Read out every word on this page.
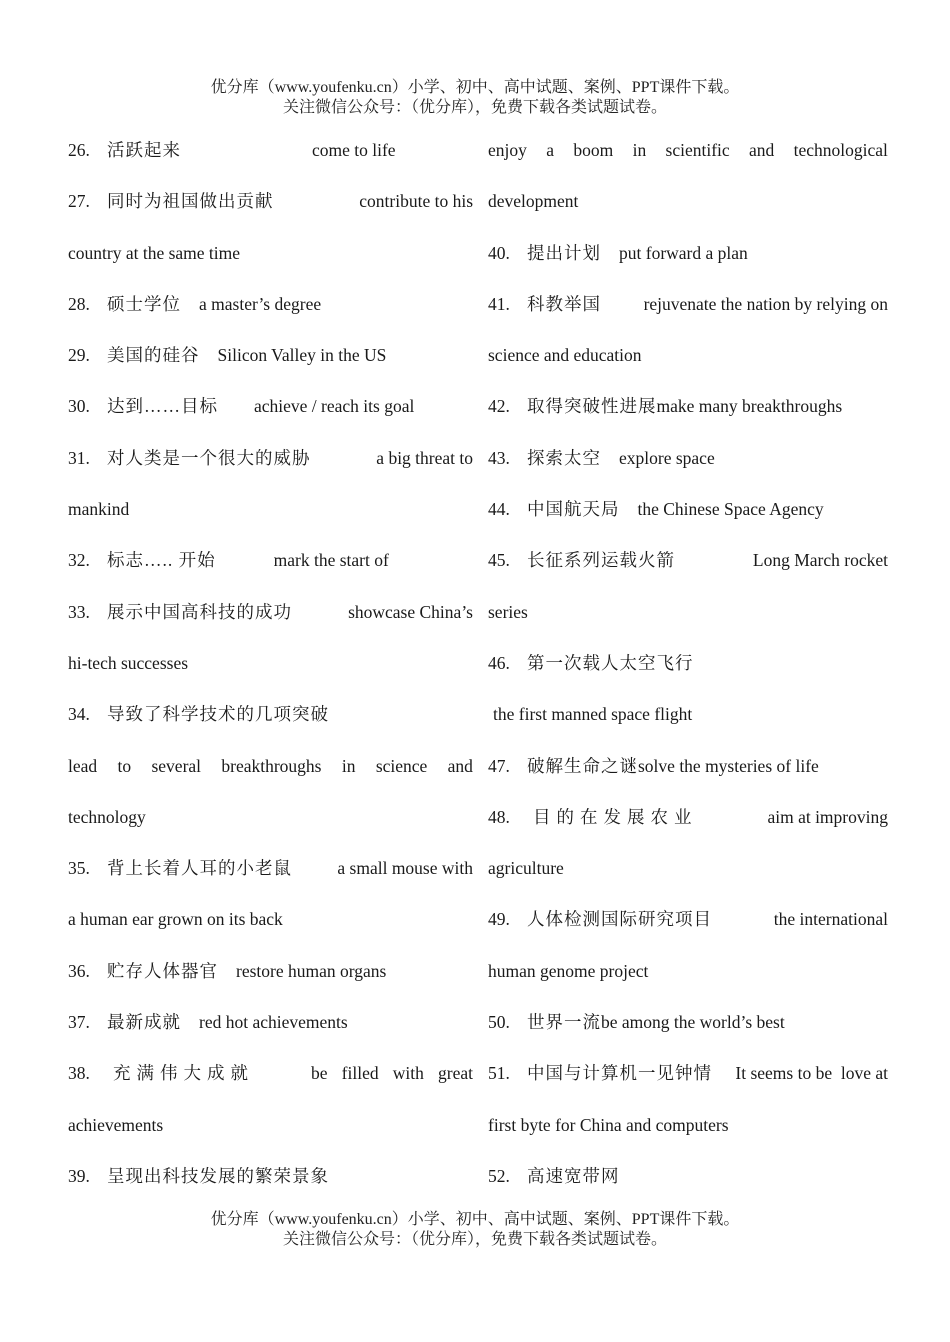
优分库（www.youfenku.cn）小学、初中、高中试题、案例、PPT课件下载。
关注微信公众号：（优分库），免费下载各类试题试卷。
26. 活跃起来	come to life
27. 同时为祖国做出贡献	contribute to his
country at the same time
28. 硕士学位 a master’s degree
29. 美国的硅谷 Silicon Valley in the US
30. 达到……目标 achieve / reach its goal
31. 对人类是一个很大的威胁	a big threat to
mankind
32. 标志….. 开始	mark the start of
33. 展示中国高科技的成功	showcase China’s
hi-tech successes
34. 导致了科学技术的几项突破
lead to several breakthroughs in science and
technology
35. 背上长着人耳的小老鼠	a small mouse with
a human ear grown on its back
36. 贮存人体器官 restore human organs
37. 最新成就 red hot achievements
38. 充满伟大成就	be filled with great
achievements
39. 呈现出科技发展的繁荣景象
enjoy a boom in scientific and technological
development
40. 提出计划 put forward a plan
41. 科教举国 rejuvenate the nation by relying on
science and education
42. 取得突破性进展make many breakthroughs
43. 探索太空 explore space
44. 中国航天局 the Chinese Space Agency
45. 长征系列运载火箭	Long March rocket
series
46. 第一次载人太空飞行
the first manned space flight
47. 破解生命之谜solve the mysteries of life
48. 目的在发展农业	aim at improving
agriculture
49. 人体检测国际研究项目	the international
human genome project
50. 世界一流be among the world’s best
51. 中国与计算机一见钟情 It seems to be  love at
first byte for China and computers
52. 高速宽带网
优分库（www.youfenku.cn）小学、初中、高中试题、案例、PPT课件下载。
关注微信公众号：（优分库），免费下载各类试题试卷。
